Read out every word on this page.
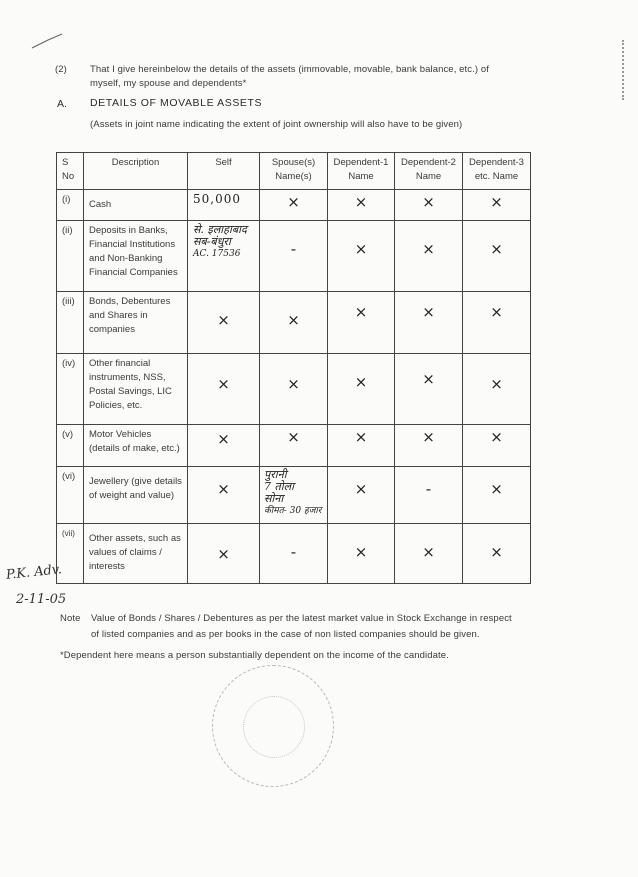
(2) That I give hereinbelow the details of the assets (immovable, movable, bank balance, etc.) of
myself, my spouse and dependents*
A. DETAILS OF MOVABLE ASSETS
(Assets in joint name indicating the extent of joint ownership will also have to be given)
S No	Description	Self	Spouse(s) Name(s)	Dependent-1 Name	Dependent-2 Name	Dependent-3 etc. Name
(i)	Cash	50,000	×	×	×	×

(ii)	Deposits in Banks, Financial Institutions and Non-Banking Financial Companies	से. इलाहाबाद
सब-बंधुरा
AC. 17536	-	×	×	×

(iii)	Bonds, Debentures and Shares in companies	×	×	×	×	×

(iv)	Other financial instruments, NSS, Postal Savings, LIC Policies, etc.	×	×	×	×	×

(v)	Motor Vehicles (details of make, etc.)	×	×	×	×	×

(vi)	Jewellery (give details of weight and value)	×	पुरानी
7 तोला
सोना
कीमत- 30 हजार	×	-	×

(vii)	Other assets, such as values of claims / interests	×	-	×	×	×
P.K. Adv.
2-11-05
Note Value of Bonds / Shares / Debentures as per the latest market value in Stock Exchange in respect
of listed companies and as per books in the case of non listed companies should be given.
*Dependent here means a person substantially dependent on the income of the candidate.
